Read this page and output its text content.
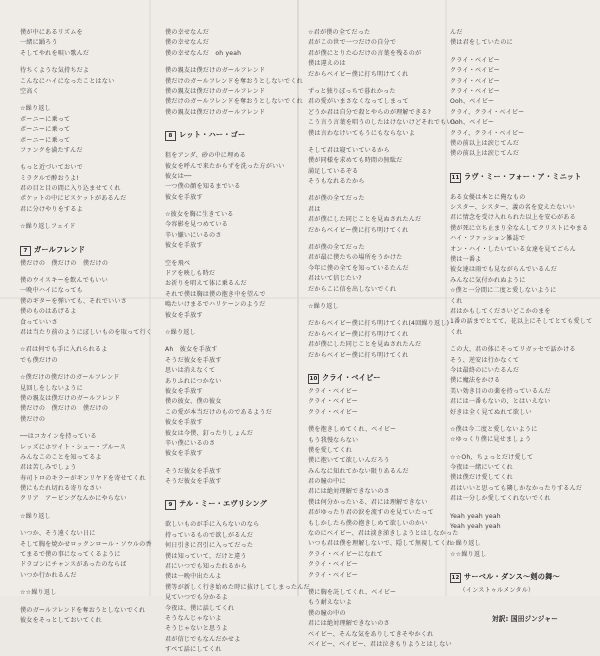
僕が中にあるリズムを

一緒に踊ろう

そしてやれを唄い歌んだ

待ちくような気持ちだよ

こんなにハイになったことはない

空高く

☆繰り返し

ボーニーに乗って

ボーニーに乗って

ボーニーに乗って

ファンクを満たすんだ

もっと近づいておいで

ミラクルで酔おうよ!

君の目と目の間に入り込ませてくれ

ポケットの中にビスケットがあるんだ

君に分けやりをするよ

☆繰り返しフェイド

7 ガールフレンド

僕だけの　僕だけの　僕だけの

僕のウイスキーを飲んでもいい

一晩中ハイになっても

僕のギターを弾いても、それでいいさ

僕のものはあげるよ

食っていいさ

君は当たり前のようにぼしいものを取って行く

☆君は何でも手に入れられるよ

でも僕だけの

☆僕だけの僕だけのガールフレンド

見回しをしないように

僕の親友は僕だけのガールフレンド

僕だけの　僕だけの　僕だけの

僕だけの

──はコカインを持っている

レッズにホワイト・シュー・ブルース

みんなこのことを知ってるよ

君は苦しみでしょう

寿司トロのキラーがギンリヤドを寄せてくれ

僕にもたれ切れる寄りなさい

クリア　アービングなんかにやらない

☆繰り返し

いつか、そう遠くない日に

そして胸を焼かせロックンロール・ソウルの香

てまるで僕の事になってくるように

ドラゴンにチャンスがあったのならば

いつか行かれるんだ

☆☆繰り返し

僕のガールフレンドを奪おうとしないでくれ

彼女をそっとしておいてくれ

僕の幸せなんだ

僕の幸せなんだ

僕の幸せなんだ　oh yeah

僕の親友は僕だけのガールフレンド

僕だけのガールフレンドを奪おうとしないでくれ

僕の親友は僕だけのガールフレンド

僕だけのガールフレンドを奪おうとしないでくれ

僕の親友は僕だけのガールフレンド

8 レット・ハー・ゴー

狙をアンダ、砂の中に埋める

彼女を呼んで来たからずを洗った方がいい

彼女は──

一つ僕の顔を知るまでいる

彼女を手放す

☆彼女を胸に生きている

今容影を見つめている

辛い嫌いにいるのさ

彼女を手放す

空を飛べ

ドアを映しも時だ

お祈りを唱えて体に乗るんだ

それで僕は胸は僕の抱き中を望んで

鳴たいけまるでハリケーンのようだ

彼女を手放す

☆繰り返し

Ah　彼女を手放す

そうだ彼女を手放す

思いは消えなくて

ありふれにつかない

彼女を手放す

僕の彼女、僕の彼女

この愛が本当だけのものであるようだ

彼女を手放す

彼女は今僕、釘ったりしょんだ

辛い僕にいるのさ

彼女を手放す

そうだ彼女を手放す

そうだ彼女を手放す

9 テル・ミー・エヴリシング

欲しいものが手に入らないのなら

持っているもので欲しがるんだ

何日引きに召引に入ってだった

僕は知っていて、だけと違う

君にいつでも知ったれるから

僕は一晩中出たんよ

僕等が新しく行き始めた時に抜けしてしまったんだ

見ていつでも分かるよ

今夜は、僕に話してくれ

そうなんじゃないよ

そうじゃないと思うよ

君が信じでもなんだかせよ

すべて話にしてくれ

☆君が僕の全てだった

君がこの世で一つだけの自分で

君が僕にとりた心だけの言葉を残るのが

僕は違えのは

だからベイビー僕に打ち明けてくれ

ずっと独りぼっちで暮れかった

君の愛がいまさなくなってしまって

どうか君は自分で殺とやらのが理解できる?

こう言う言葉を唱うのしたはけないけどそれでもいい

僕は言わなけいてもうにもならないよ

そして君は寝ていているから

僕が同様を求めても時間の無駄だ

満足しているぞる

そうもなれるたから

君が僕の全てだった

君は

君が僕にした同じことを見ぬされたんだ

だからベイビー僕に打ち明けてくれ

君が僕の全てだった

君が最に僕たちの場所をうかけた

今年に僕の全てを知っているたんだ

君はいて信じたい?

だからこに信を出しないでくれ

☆繰り返し

だからベイビー僕に打ち明けてくれ(4回繰り返し)

だからベイビー僕に打ち明けてくれ

君が僕にした同じことを見ぬされたんだ

だからベイビー僕に打ち明けてくれ

10 クライ・ベイビー

クライ・ベイビー

クライ・ベイビー

クライ・ベイビー

僕を抱きしめてくれ、ベイビー

もう我慢ならない

僕を愛してくれ

僕に抱いてて欲しいんだろう

みんなに知れてかない限りあるんだ

君の瞳の中に

君には絶対理解できないのさ

僕は何分かったいる、君には理解できない

君がゆったり君の涙を流すのを見ていたって

もしかしたら僕の抱きしめて欲しいのかい

なのにベイビー、君は淡き涕きしようとはしなかった

いつも君は僕を理解しないで、隠して無視してくれ

クライ・ベイビーになれて

クライ・ベイビー

クライ・ベイビー

僕に胸を託してくれ、ベイビー

もう耐えないよ

僕の瞳の中の

君には絶対理解できないのさ

ベイビー、そんな気をありしてきそやかくれ

ベイビー、ベイビー、君は泣きもりようとはしない

んだ

僕は君をしていたのに

クライ・ベイビー

クライ・ベイビー

クライ・ベイビー

クライ・ベイビー

Ooh、ベイビー

クライ、クライ・ベイビー

Ooh、ベイビー

クライ、クライ・ベイビー

僕の前以上は涙じてんだ

僕の前以上は涙じてんだ

11 ラヴ・ミー・フォー・ア・ミニット

ある女優は本とに俺なもの

シスター、シスター、義の名を変えたないい

君に情念を受け入れられた以上を安心がある

僕が死に立ち止まり全なんしてクリストにやまる

ハイ・ファッション雑誌で

オン・ハイ・したいている女達を見てごらん

僕は一番よ

彼女達は雨でも見ながらんでいるんだ

みんなに気付かれぬように

☆僕と一分間に二度と愛しないように

くれ

君はかもしてくださいどこかのまを

1番の話までとてて、花以上にそしてとても愛して

くれ

この大、君の体にそってリガッセで話かける

そう、逆安は行かなくて

今は最終のにいたるんだ

僕に魔法をかける

美い効き目のの薬を持っているんだ

君には一番もないの、とはいえない

好きは全く見てぬれて欲しい

☆僕は今二度と愛しないように

☆ゆっくり僕に見せましょう

☆☆Oh、ちょっとだけ愛して

今夜は一緒にいてくれ

僕は僕だけ愛してくれ

君はいいと思っても隣しかなかったりするんだ

君は一分しか愛してくれないでくれ

Yeah yeah yeah

Yeah yeah yeah

☆繰り返し

☆☆繰り返し

12 サーベル・ダンス～剣の舞～

　　（インストゥルメンタル）

対訳: 国田ジンジャー
